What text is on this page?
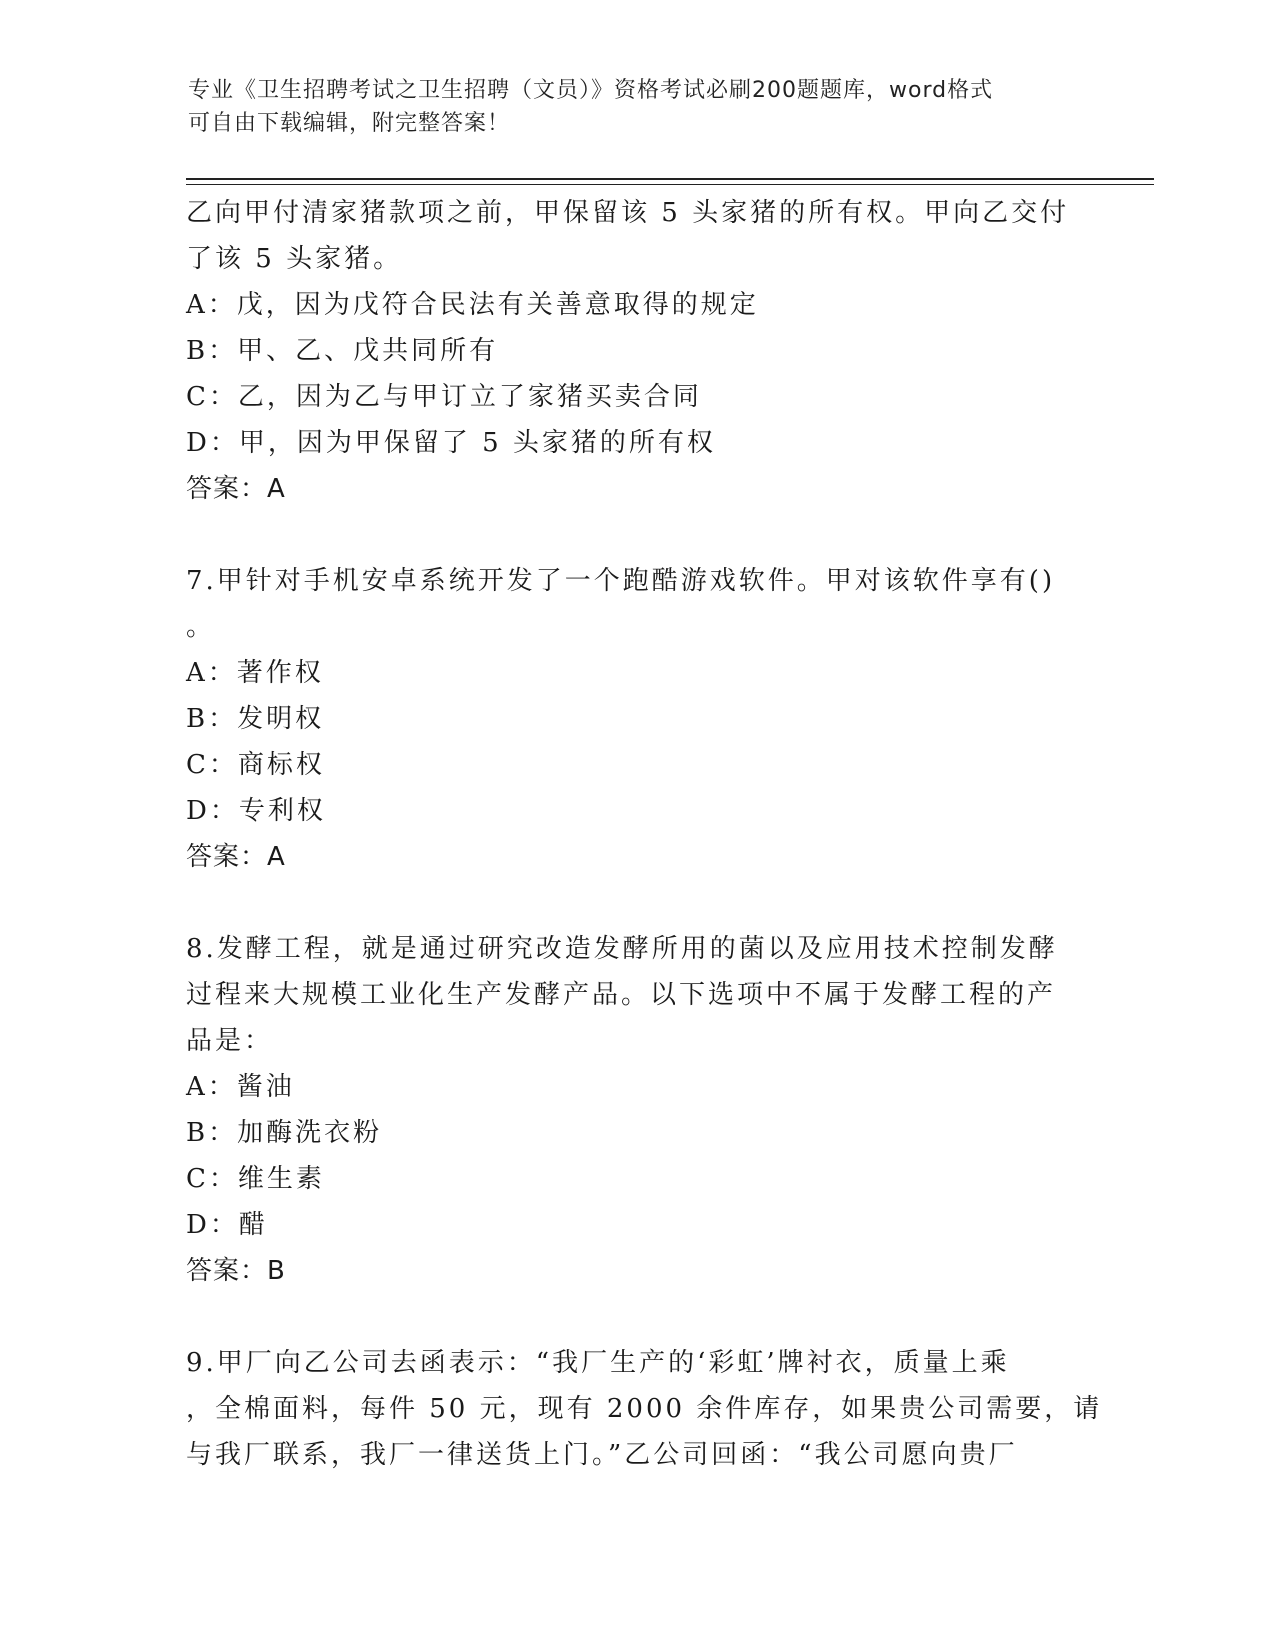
专业《卫生招聘考试之卫生招聘（文员）》资格考试必刷200题题库，word格式
可自由下载编辑，附完整答案！
乙向甲付清家猪款项之前，甲保留该 5 头家猪的所有权。甲向乙交付
了该 5 头家猪。
A：戊，因为戊符合民法有关善意取得的规定
B：甲、乙、戊共同所有
C：乙，因为乙与甲订立了家猪买卖合同
D：甲，因为甲保留了 5 头家猪的所有权
答案：A
7.甲针对手机安卓系统开发了一个跑酷游戏软件。甲对该软件享有()
。
A：著作权
B：发明权
C：商标权
D：专利权
答案：A
8.发酵工程，就是通过研究改造发酵所用的菌以及应用技术控制发酵
过程来大规模工业化生产发酵产品。以下选项中不属于发酵工程的产
品是：
A：酱油
B：加酶洗衣粉
C：维生素
D：醋
答案：B
9.甲厂向乙公司去函表示：“我厂生产的‘彩虹’牌衬衣，质量上乘
，全棉面料，每件 50 元，现有 2000 余件库存，如果贵公司需要，请
与我厂联系，我厂一律送货上门。”乙公司回函：“我公司愿向贵厂
